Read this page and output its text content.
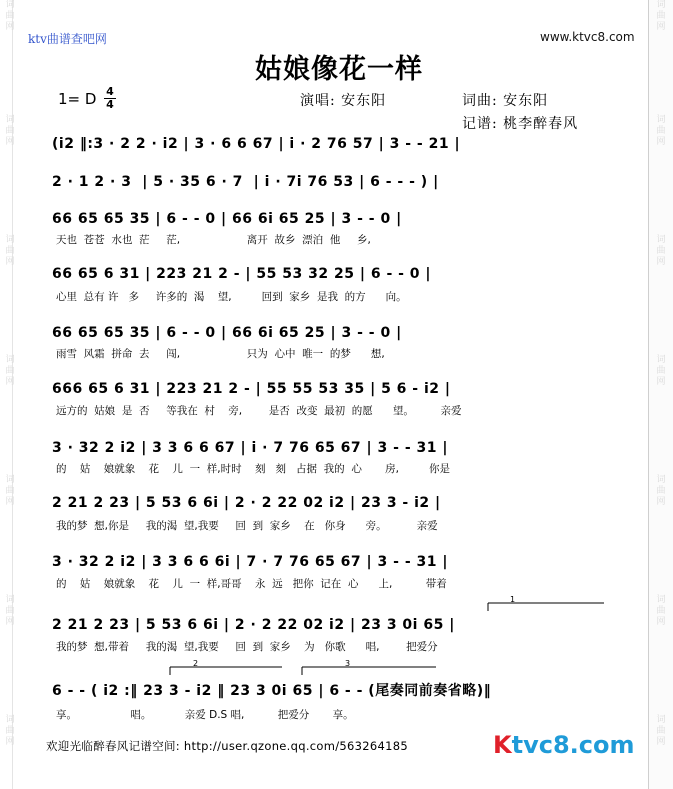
词
曲
网
词
曲
网
词
曲
网
词
曲
网
词
曲
网
词
曲
网
词
曲
网
词
曲
网
词
曲
网
词
曲
网
词
曲
网
词
曲
网
词
曲
网
词
曲
网
ktv曲谱查吧网	www.ktvc8.com
姑娘像花一样
1= D 4
4	演唱: 安东阳	词曲: 安东阳
记谱: 桃李醉春风
(i2 ‖:3 · 2 2 · i2 | 3 · 6 6 67 | i · 2 76 57 | 3 - - 21 |
2 · 1 2 · 3  | 5 · 35 6 · 7  | i · 7i 76 53 | 6 - - - ) |
66 65 65 35 | 6 - - 0 | 66 6i 65 25 | 3 - - 0 |
天也  苍苍  水也  茫     茫,                    离开  故乡  漂泊  他     乡,
66 65 6 31 | 223 21 2 - | 55 53 32 25 | 6 - - 0 |
心里  总有 许   多     许多的  渴    望,         回到  家乡  是我  的方      向。
66 65 65 35 | 6 - - 0 | 66 6i 65 25 | 3 - - 0 |
雨雪  风霜  拼命  去     闯,                    只为  心中  唯一  的梦      想,
666 65 6 31 | 223 21 2 - | 55 55 53 35 | 5 6 - i2 |
远方的  姑娘  是  否     等我在  村    旁,        是否  改变  最初  的愿      望。        亲爱
3 · 32 2 i2 | 3 3 6 6 67 | i · 7 76 65 67 | 3 - - 31 |
的    姑    娘就象    花    儿  一  样,时时    刻   刻   占据  我的  心       房,         你是
2 21 2 23 | 5 53 6 6i | 2 · 2 22 02 i2 | 23 3 - i2 |
我的梦  想,你是     我的渴  望,我要     回  到  家乡    在   你身      旁。         亲爱
3 · 32 2 i2 | 3 3 6 6 6i | 7 · 7 76 65 67 | 3 - - 31 |
的    姑    娘就象    花    儿  一  样,哥哥    永  远   把你  记在  心      上,          带着
2 21 2 23 | 5 53 6 6i | 2 · 2 22 02 i2 | 23 3 0i 65 |
我的梦  想,带着     我的渴  望,我要     回  到  家乡    为   你歌      唱,        把爱分
6 - - ( i2 :‖ 23 3 - i2 ‖ 23 3 0i 65 | 6 - - (尾奏同前奏省略)‖
享。                唱。          亲爱 D.S 唱,          把爱分       享。
1
2	3
欢迎光临醉春风记谱空间: http://user.qzone.qq.com/563264185	Ktvc8.com
